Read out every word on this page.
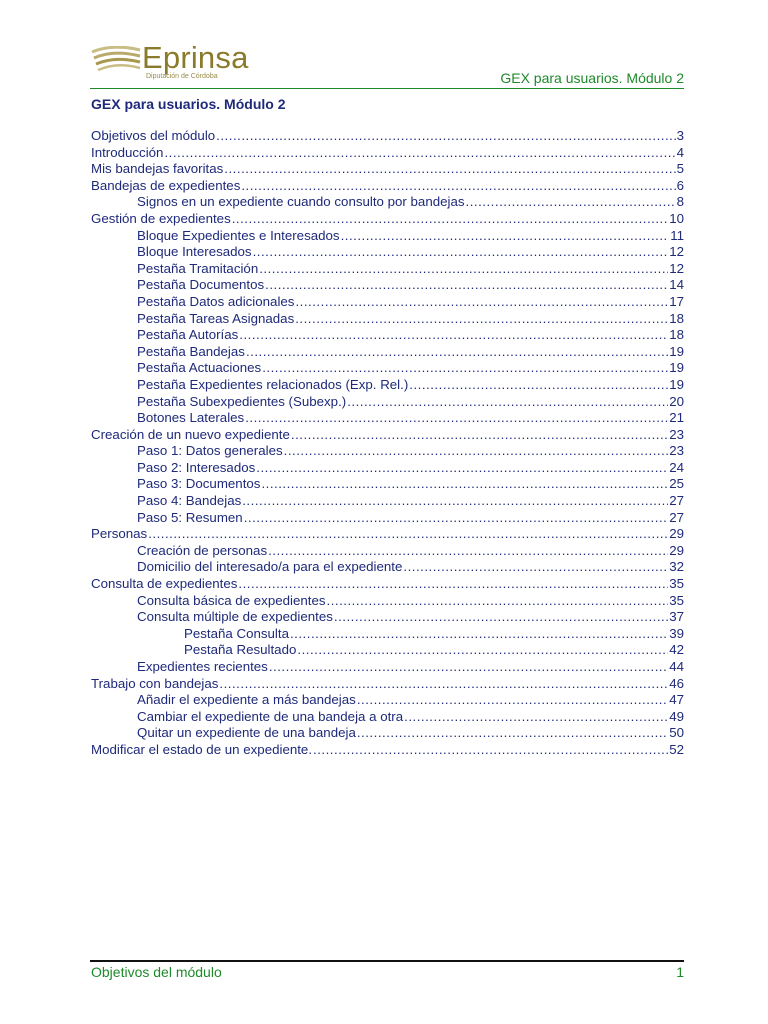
Eprinsa
Diputación de Córdoba	GEX para usuarios. Módulo 2
GEX para usuarios. Módulo 2
Objetivos del módulo .....	3
Introducción .....	4
Mis bandejas favoritas .....	5
Bandejas de expedientes .....	6
Signos en un expediente cuando consulto por bandejas .....	8
Gestión de expedientes .....	10
Bloque Expedientes e Interesados .....	11
Bloque Interesados .....	12
Pestaña Tramitación .....	12
Pestaña Documentos .....	14
Pestaña Datos adicionales .....	17
Pestaña Tareas Asignadas .....	18
Pestaña Autorías .....	18
Pestaña Bandejas .....	19
Pestaña Actuaciones .....	19
Pestaña Expedientes relacionados (Exp. Rel.) .....	19
Pestaña Subexpedientes (Subexp.) .....	20
Botones Laterales .....	21
Creación de un nuevo expediente .....	23
Paso 1: Datos generales .....	23
Paso 2: Interesados .....	24
Paso 3: Documentos .....	25
Paso 4: Bandejas .....	27
Paso 5: Resumen .....	27
Personas .....	29
Creación de personas .....	29
Domicilio del interesado/a para el expediente .....	32
Consulta de expedientes .....	35
Consulta básica de expedientes .....	35
Consulta múltiple de expedientes .....	37
Pestaña Consulta .....	39
Pestaña Resultado .....	42
Expedientes recientes .....	44
Trabajo con bandejas .....	46
Añadir el expediente a más bandejas .....	47
Cambiar el expediente de una bandeja a otra .....	49
Quitar un expediente de una bandeja .....	50
Modificar el estado de un expediente. .....	52
Objetivos del módulo	1
